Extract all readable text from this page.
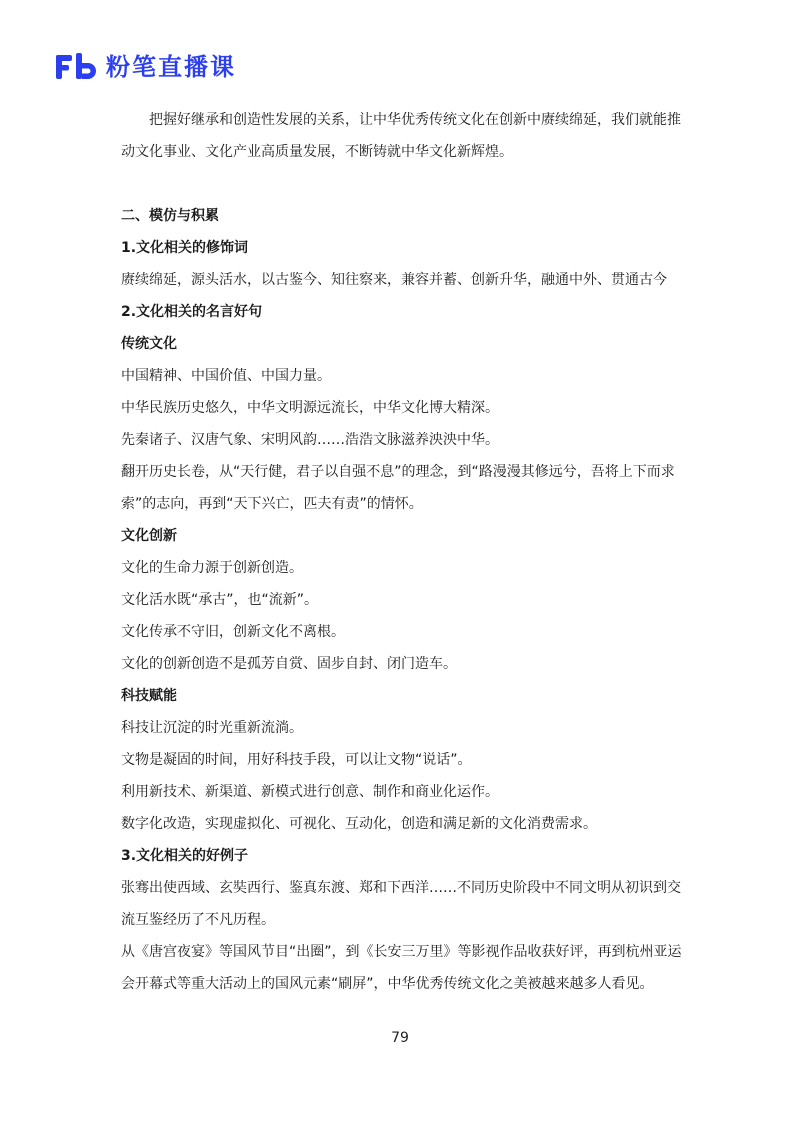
粉笔直播课

把握好继承和创造性发展的关系，让中华优秀传统文化在创新中赓续绵延，我们就能推动文化事业、文化产业高质量发展，不断铸就中华文化新辉煌。

二、模仿与积累

1.文化相关的修饰词

赓续绵延，源头活水，以古鉴今、知往察来，兼容并蓄、创新升华，融通中外、贯通古今

2.文化相关的名言好句

传统文化

中国精神、中国价值、中国力量。

中华民族历史悠久，中华文明源远流长，中华文化博大精深。

先秦诸子、汉唐气象、宋明风韵……浩浩文脉滋养泱泱中华。

翻开历史长卷，从“天行健，君子以自强不息”的理念，到“路漫漫其修远兮，吾将上下而求索”的志向，再到“天下兴亡，匹夫有责”的情怀。

文化创新

文化的生命力源于创新创造。

文化活水既“承古”，也“流新”。

文化传承不守旧，创新文化不离根。

文化的创新创造不是孤芳自赏、固步自封、闭门造车。

科技赋能

科技让沉淀的时光重新流淌。

文物是凝固的时间，用好科技手段，可以让文物“说话”。

利用新技术、新渠道、新模式进行创意、制作和商业化运作。

数字化改造，实现虚拟化、可视化、互动化，创造和满足新的文化消费需求。

3.文化相关的好例子

张骞出使西域、玄奘西行、鉴真东渡、郑和下西洋……不同历史阶段中不同文明从初识到交流互鉴经历了不凡历程。

从《唐宫夜宴》等国风节目“出圈”，到《长安三万里》等影视作品收获好评，再到杭州亚运会开幕式等重大活动上的国风元素“刷屏”，中华优秀传统文化之美被越来越多人看见。

79
